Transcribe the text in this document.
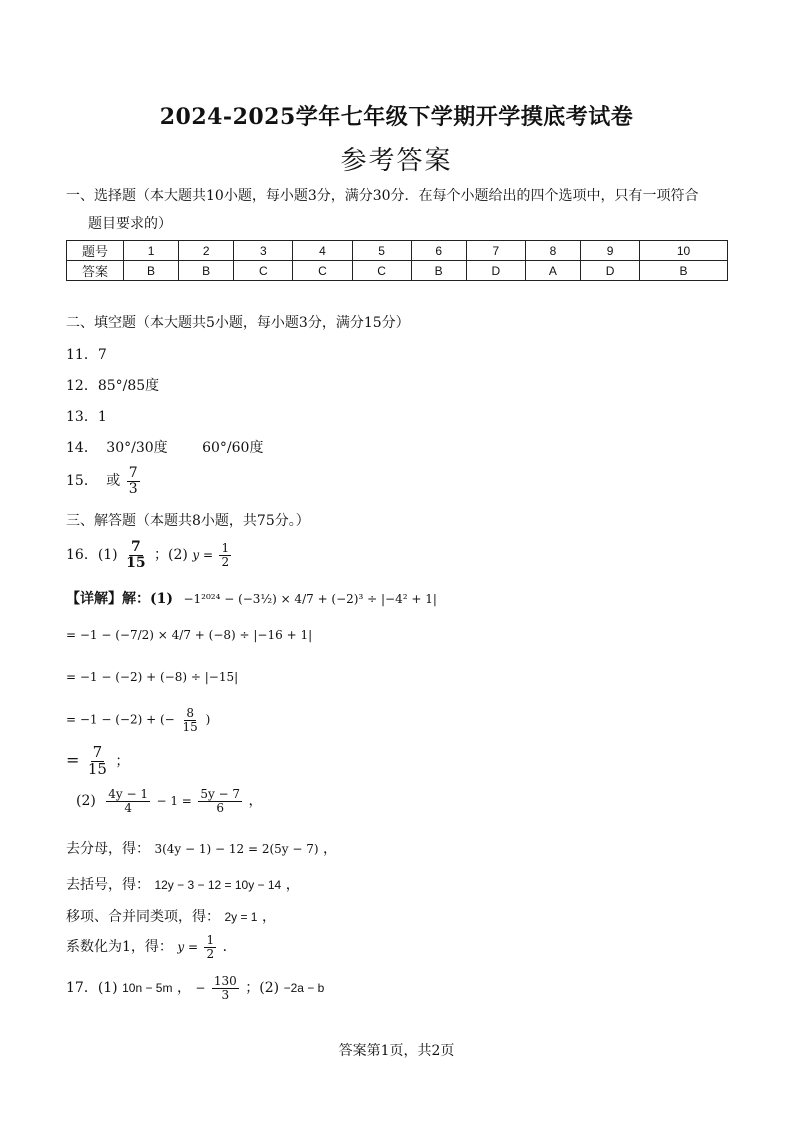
2024-2025学年七年级下学期开学摸底考试卷
参考答案
一、选择题（本大题共10小题，每小题3分，满分30分．在每个小题给出的四个选项中，只有一项符合
题目要求的）
题号	1	2	3	4	5	6	7	8	9	10
答案	B	B	C	C	C	B	D	A	D	B
二、填空题（本大题共5小题，每小题3分，满分15分）
11．7
12．85°/85度
13．1
14． 30°/30度 60°/60度
15． 或 $\frac{7}{3}$
三、解答题（本题共8小题，共75分。）
16．$(1) \frac{7}{15}$ ；(2) $y = \frac{1}{2}$
【详解】解：(1) −1²⁰²⁴ − (−3½) × 4/7 + (−2)³ ÷ |−4² + 1|
= −1 − (−7/2) × 4/7 + (−8) ÷ |−16 + 1|
= −1 − (−2) + (−8) ÷ |−15|
= −1 − (−2) + (− $\frac{8}{15}$ )
= $\frac{7}{15}$ ；
$(2) \frac{4y - 1}{4} - 1 = \frac{5y - 7}{6}$ ，
去分母，得： 3(4y − 1) − 12 = 2(5y − 7) ，
去括号，得： 12y − 3 − 12 = 10y − 14 ，
移项、合并同类项，得： 2y = 1 ，
系数化为1，得： $y = \frac{1}{2}$ ．
17．(1) 10n − 5m ， − $\frac{130}{3}$ ；(2) −2a − b
答案第1页，共2页
